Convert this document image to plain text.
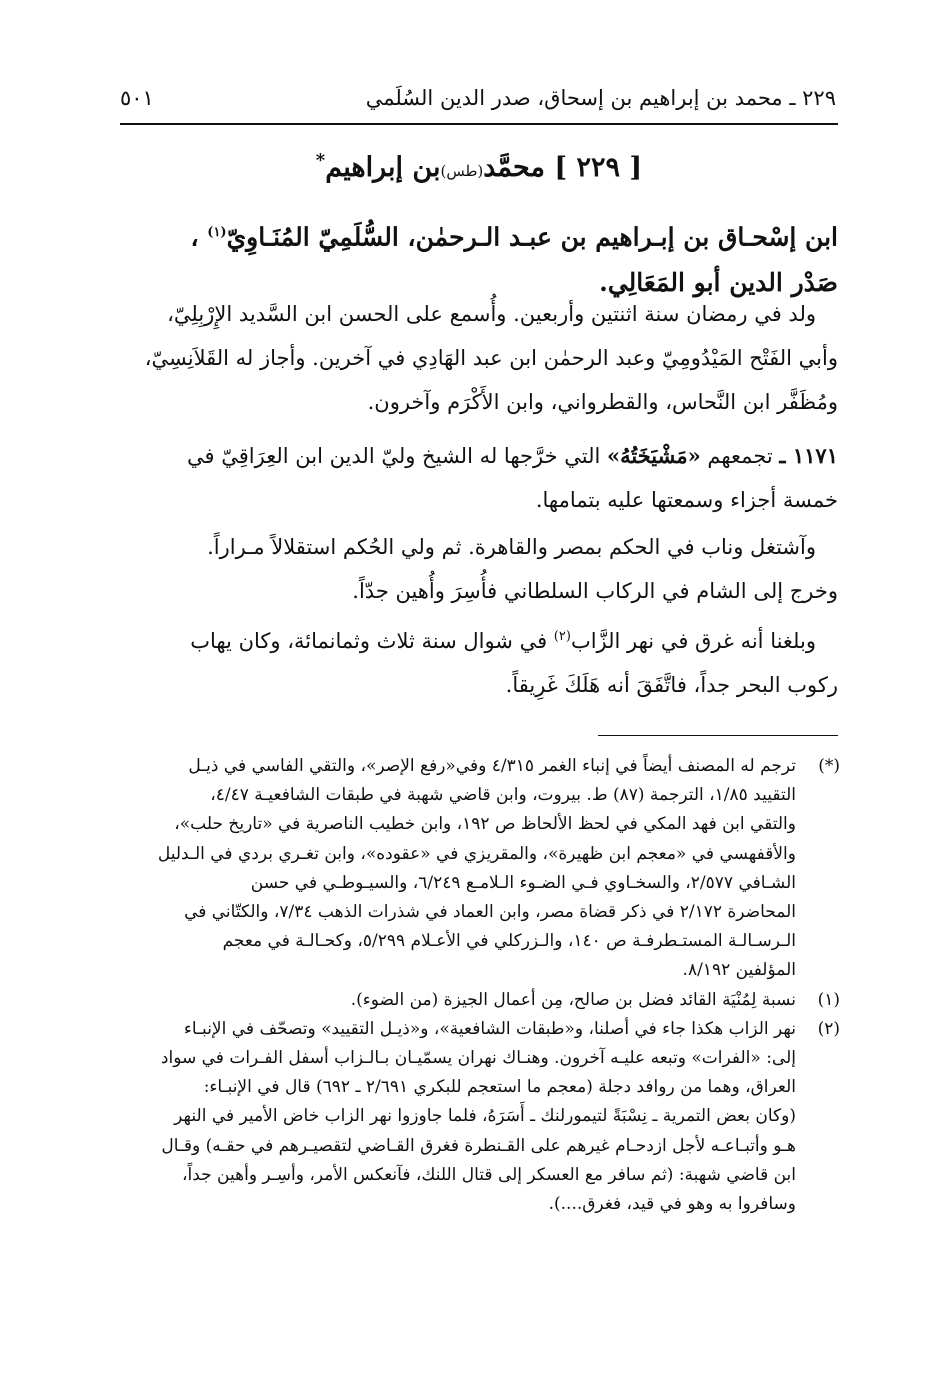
٢٢٩ ـ محمد بن إبراهيم بن إسحاق، صدر الدين السُلَمي
٥٠١
[ ٢٢٩ ] محمَّد(طس)بن إبراهيم*
ابن إسْحـاق بن إبـراهيم بن عبـد الـرحمٰن، السُّلَمِيّ المُنَـاوِيّ$^{(١)}$ ،
صَدْر الدين أبو المَعَالِي.
ولد في رمضان سنة اثنتين وأربعين. وأُسمع على الحسن ابن السَّديد الإِرْبِلِيّ،
وأبي الفَتْح المَيْدُومِيّ وعبد الرحمٰن ابن عبد الهَادِي في آخرين. وأجاز له القَلاَنِسِيّ،
ومُظَفَّر ابن النَّحاس، والقطرواني، وابن الأَكْرَم وآخرون.
١١٧١ ـ تجمعهم «مَشْيَخَتُهُ» التي خرَّجها له الشيخ وليّ الدين ابن العِرَاقِيّ في
خمسة أجزاء وسمعتها عليه بتمامها.
وآشتغل وناب في الحكم بمصر والقاهرة. ثم ولي الحُكم استقلالاً مـراراً.
وخرج إلى الشام في الركاب السلطاني فأُسِرَ وأُهين جدّاً.
وبلغنا أنه غرق في نهر الزَّاب$^{(٢)}$ في شوال سنة ثلاث وثمانمائة، وكان يهاب
ركوب البحر جداً، فاتَّفَقَ أنه هَلَكَ غَرِيقاً.
(*)
ترجم له المصنف أيضاً في إنباء الغمر ٤/٣١٥ وفي«رفع الإصر»، والتقي الفاسي في ذيـل
التقييد ١/٨٥، الترجمة (٨٧) ط. بيروت، وابن قاضي شهبة في طبقات الشافعيـة ٤/٤٧،
والتقي ابن فهد المكي في لحظ الألحاظ ص ١٩٢، وابن خطيب الناصرية في «تاريخ حلب»،
والأقفهسي في «معجم ابن ظهيرة»، والمقريزي في «عقوده»، وابن تغـري بردي في الـدليل
الشـافي ٢/٥٧٧، والسخـاوي فـي الضـوء الـلامـع ٦/٢٤٩، والسيـوطـي في حسن
المحاضرة ٢/١٧٢ في ذكر قضاة مصر، وابن العماد في شذرات الذهب ٧/٣٤، والكتّاني في
الـرسـالـة المستـطرفـة ص ١٤٠، والـزركلي في الأعـلام ٥/٢٩٩، وكحـالـة في معجم
المؤلفين ٨/١٩٢.
(١)
نسبة لِمُنْيَة القائد فضل بن صالح، مِن أعمال الجيزة (من الضوء).
(٢)
نهر الزاب هكذا جاء في أصلنا، و«طبقات الشافعية»، و«ذيـل التقييد» وتصحّف في الإنبـاء
إلى: «الفرات» وتبعه عليـه آخرون. وهنـاك نهران يسمّيـان بـالـزاب أسفل الفـرات في سواد
العراق، وهما من روافد دجلة (معجم ما استعجم للبكري ٢/٦٩١ ـ ٦٩٢) قال في الإنبـاء:
(وكان بعض التمرية ـ نِسْبَةً لتيمورلنك ـ أَسَرَهُ، فلما جاوزوا نهر الزاب خاض الأمير في النهر
هـو وأتبـاعـه لأجل ازدحـام غيرهم على القـنطرة فغرق القـاضي لتقصيـرهم في حقـه) وقـال
ابن قاضي شهبة: (ثم سافر مع العسكر إلى قتال اللنك، فآنعكس الأمر، وأسِـر وأهين جداً،
وسافروا به وهو في قيد، فغرق....).
